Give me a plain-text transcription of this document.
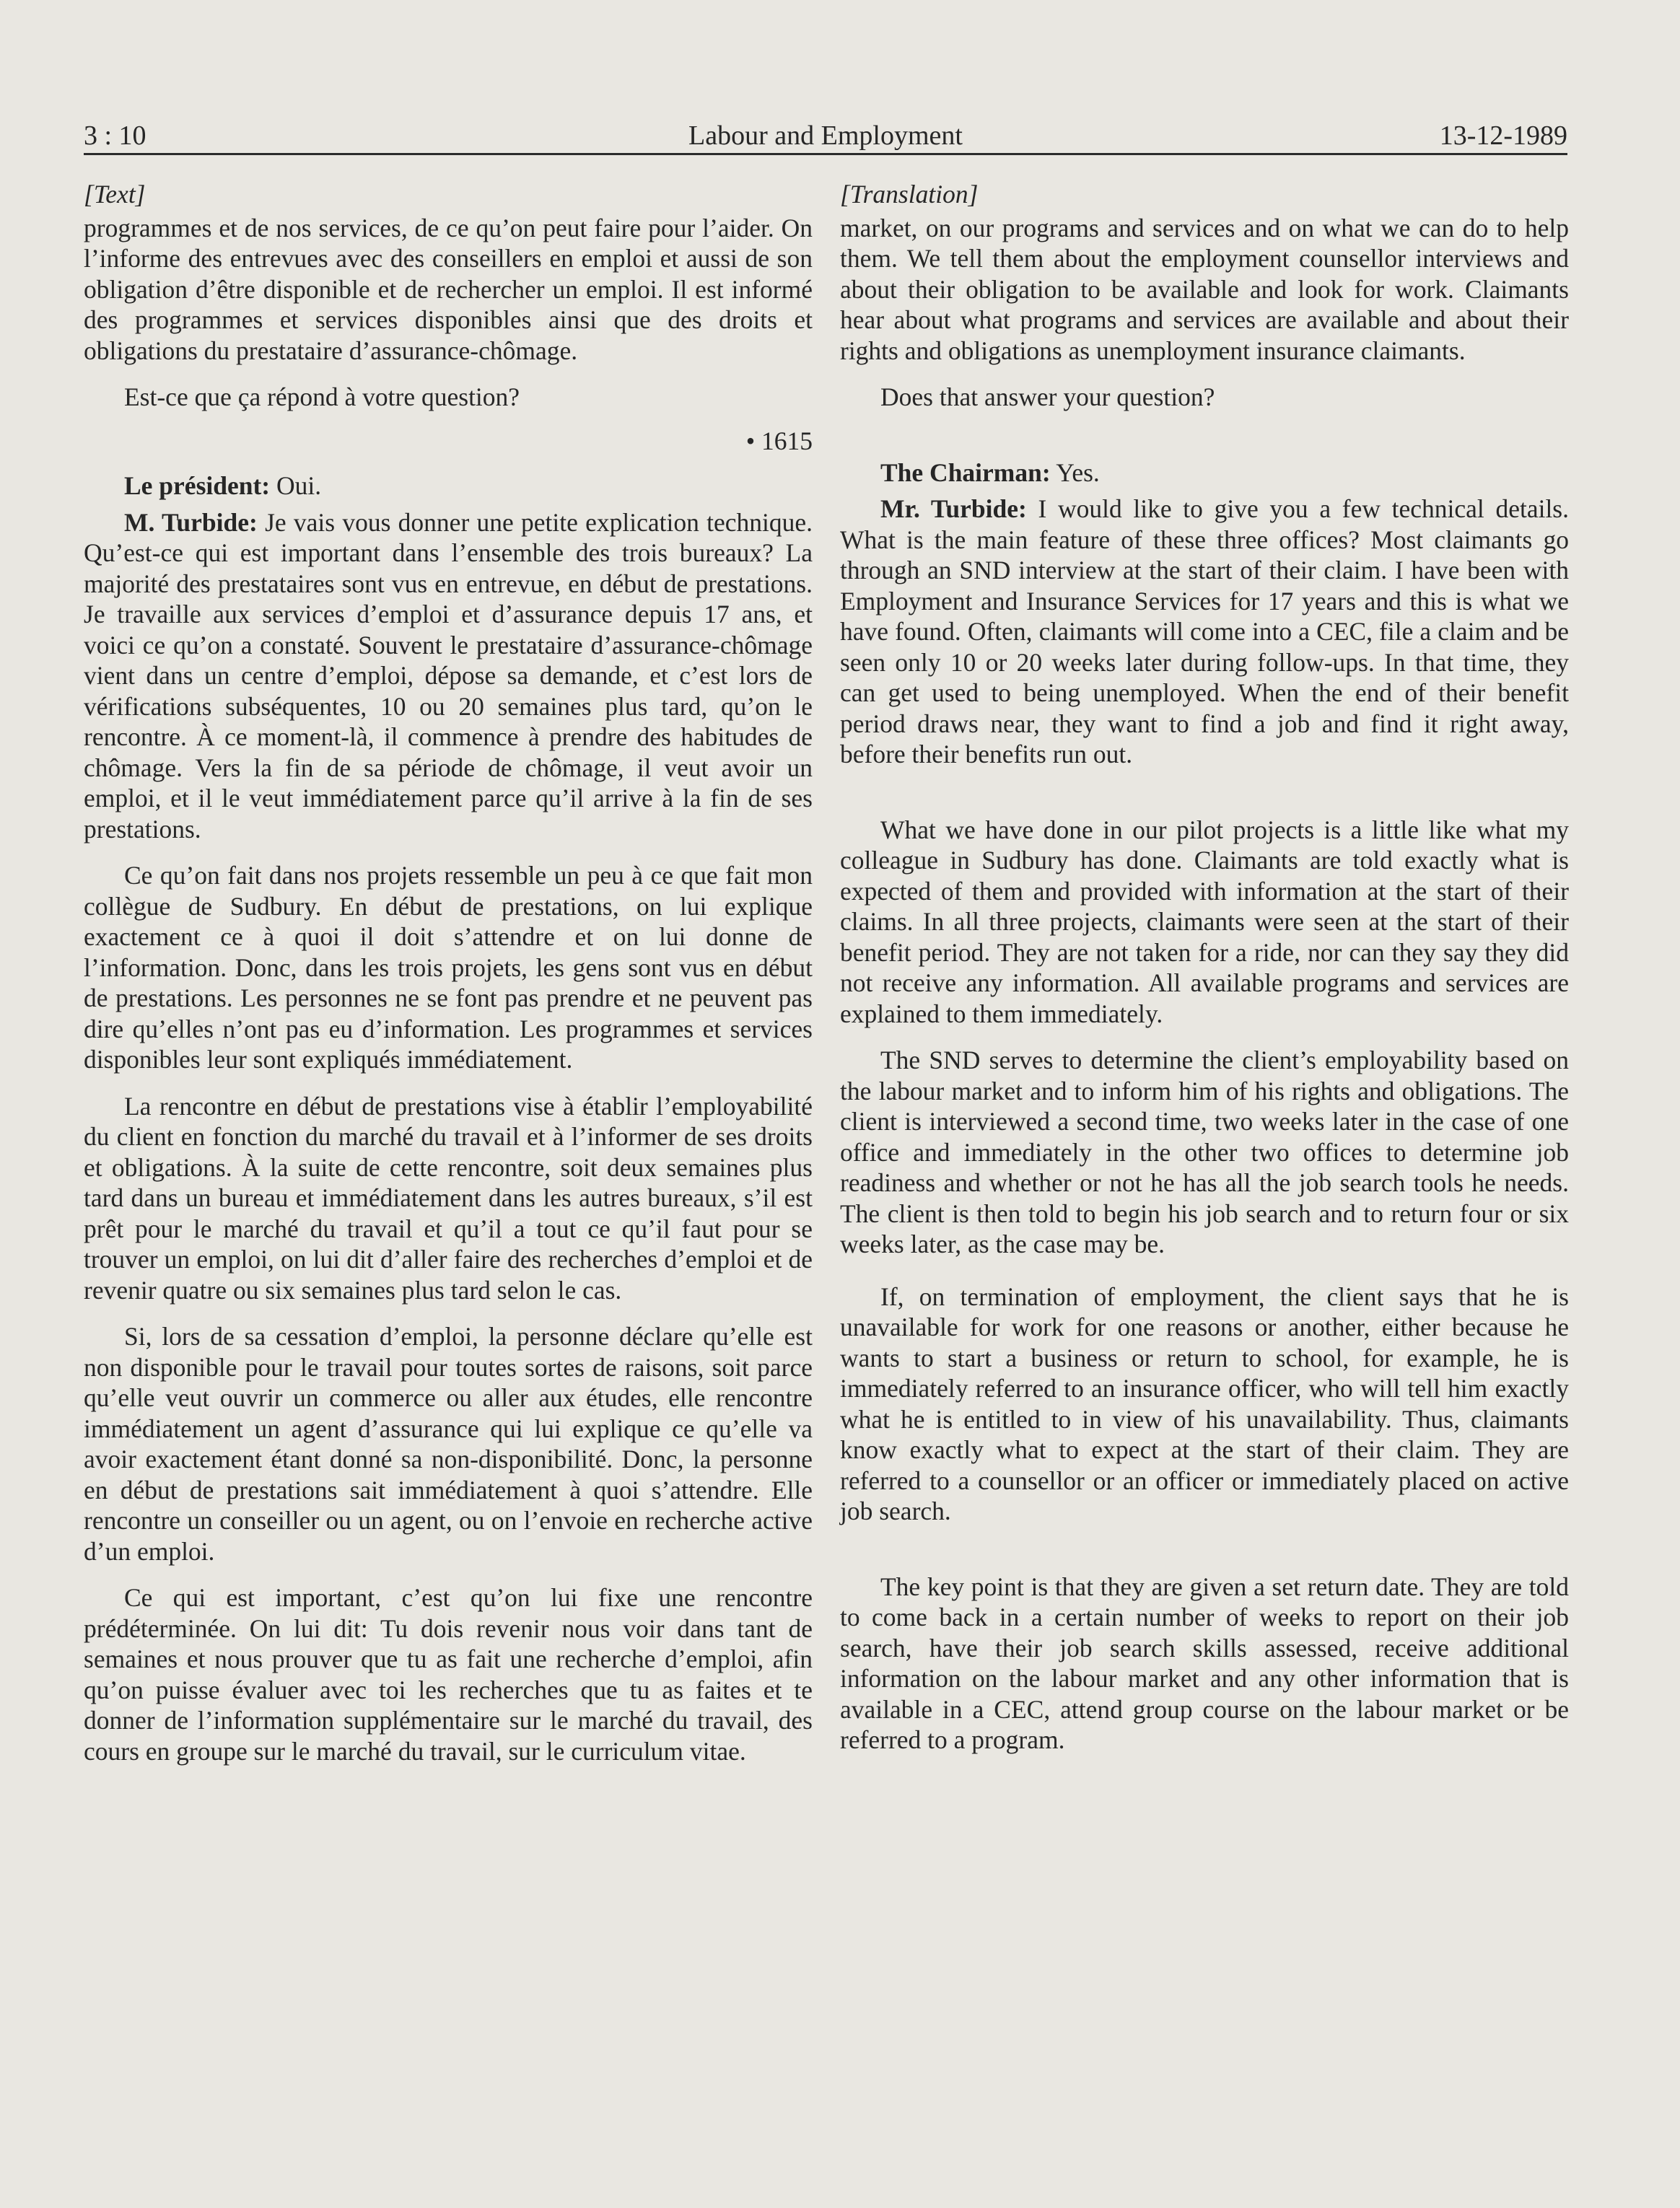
3 : 10	Labour and Employment	13-12-1989
[Text]

programmes et de nos services, de ce qu’on peut faire pour l’aider. On l’informe des entrevues avec des conseillers en emploi et aussi de son obligation d’être disponible et de rechercher un emploi. Il est informé des programmes et services disponibles ainsi que des droits et obligations du prestataire d’assurance-chômage.

Est-ce que ça répond à votre question?

• 1615

Le président: Oui.

M. Turbide: Je vais vous donner une petite explication technique. Qu’est-ce qui est important dans l’ensemble des trois bureaux? La majorité des prestataires sont vus en entrevue, en début de prestations. Je travaille aux services d’emploi et d’assurance depuis 17 ans, et voici ce qu’on a constaté. Souvent le prestataire d’assurance-chômage vient dans un centre d’emploi, dépose sa demande, et c’est lors de vérifications subséquentes, 10 ou 20 semaines plus tard, qu’on le rencontre. À ce moment-là, il commence à prendre des habitudes de chômage. Vers la fin de sa période de chômage, il veut avoir un emploi, et il le veut immédiatement parce qu’il arrive à la fin de ses prestations.

Ce qu’on fait dans nos projets ressemble un peu à ce que fait mon collègue de Sudbury. En début de prestations, on lui explique exactement ce à quoi il doit s’attendre et on lui donne de l’information. Donc, dans les trois projets, les gens sont vus en début de prestations. Les personnes ne se font pas prendre et ne peuvent pas dire qu’elles n’ont pas eu d’information. Les programmes et services disponibles leur sont expliqués immédiatement.

La rencontre en début de prestations vise à établir l’employabilité du client en fonction du marché du travail et à l’informer de ses droits et obligations. À la suite de cette rencontre, soit deux semaines plus tard dans un bureau et immédiatement dans les autres bureaux, s’il est prêt pour le marché du travail et qu’il a tout ce qu’il faut pour se trouver un emploi, on lui dit d’aller faire des recherches d’emploi et de revenir quatre ou six semaines plus tard selon le cas.

Si, lors de sa cessation d’emploi, la personne déclare qu’elle est non disponible pour le travail pour toutes sortes de raisons, soit parce qu’elle veut ouvrir un commerce ou aller aux études, elle rencontre immédiatement un agent d’assurance qui lui explique ce qu’elle va avoir exactement étant donné sa non-disponibilité. Donc, la personne en début de prestations sait immédiatement à quoi s’attendre. Elle rencontre un conseiller ou un agent, ou on l’envoie en recherche active d’un emploi.

Ce qui est important, c’est qu’on lui fixe une rencontre prédéterminée. On lui dit: Tu dois revenir nous voir dans tant de semaines et nous prouver que tu as fait une recherche d’emploi, afin qu’on puisse évaluer avec toi les recherches que tu as faites et te donner de l’information supplémentaire sur le marché du travail, des cours en groupe sur le marché du travail, sur le curriculum vitae.

[Translation]

market, on our programs and services and on what we can do to help them. We tell them about the employment counsellor interviews and about their obligation to be available and look for work. Claimants hear about what programs and services are available and about their rights and obligations as unemployment insurance claimants.

Does that answer your question?

The Chairman: Yes.

Mr. Turbide: I would like to give you a few technical details. What is the main feature of these three offices? Most claimants go through an SND interview at the start of their claim. I have been with Employment and Insurance Services for 17 years and this is what we have found. Often, claimants will come into a CEC, file a claim and be seen only 10 or 20 weeks later during follow-ups. In that time, they can get used to being unemployed. When the end of their benefit period draws near, they want to find a job and find it right away, before their benefits run out.

What we have done in our pilot projects is a little like what my colleague in Sudbury has done. Claimants are told exactly what is expected of them and provided with information at the start of their claims. In all three projects, claimants were seen at the start of their benefit period. They are not taken for a ride, nor can they say they did not receive any information. All available programs and services are explained to them immediately.

The SND serves to determine the client’s employability based on the labour market and to inform him of his rights and obligations. The client is interviewed a second time, two weeks later in the case of one office and immediately in the other two offices to determine job readiness and whether or not he has all the job search tools he needs. The client is then told to begin his job search and to return four or six weeks later, as the case may be.

If, on termination of employment, the client says that he is unavailable for work for one reasons or another, either because he wants to start a business or return to school, for example, he is immediately referred to an insurance officer, who will tell him exactly what he is entitled to in view of his unavailability. Thus, claimants know exactly what to expect at the start of their claim. They are referred to a counsellor or an officer or immediately placed on active job search.

The key point is that they are given a set return date. They are told to come back in a certain number of weeks to report on their job search, have their job search skills assessed, receive additional information on the labour market and any other information that is available in a CEC, attend group course on the labour market or be referred to a program.
